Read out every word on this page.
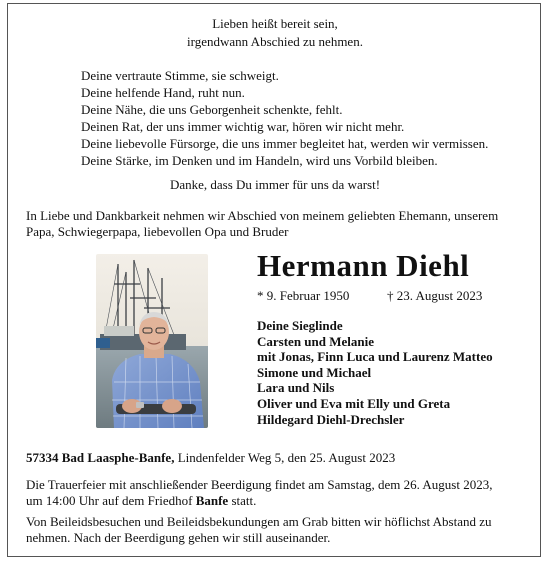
Lieben heißt bereit sein,
irgendwann Abschied zu nehmen.
Deine vertraute Stimme, sie schweigt.
Deine helfende Hand, ruht nun.
Deine Nähe, die uns Geborgenheit schenkte, fehlt.
Deinen Rat, der uns immer wichtig war, hören wir nicht mehr.
Deine liebevolle Fürsorge, die uns immer begleitet hat, werden wir vermissen.
Deine Stärke, im Denken und im Handeln, wird uns Vorbild bleiben.
Danke, dass Du immer für uns da warst!
In Liebe und Dankbarkeit nehmen wir Abschied von meinem geliebten Ehemann, unserem
Papa, Schwiegerpapa, liebevollen Opa und Bruder
Hermann Diehl
* 9. Februar 1950	† 23. August 2023
Deine Sieglinde
Carsten und Melanie
mit Jonas, Finn Luca und Laurenz Matteo
Simone und Michael
Lara und Nils
Oliver und Eva mit Elly und Greta
Hildegard Diehl-Drechsler
57334 Bad Laasphe-Banfe, Lindenfelder Weg 5, den 25. August 2023
Die Trauerfeier mit anschließender Beerdigung findet am Samstag, dem 26. August 2023,
um 14:00 Uhr auf dem Friedhof Banfe statt.
Von Beileidsbesuchen und Beileidsbekundungen am Grab bitten wir höflichst Abstand zu
nehmen. Nach der Beerdigung gehen wir still auseinander.
